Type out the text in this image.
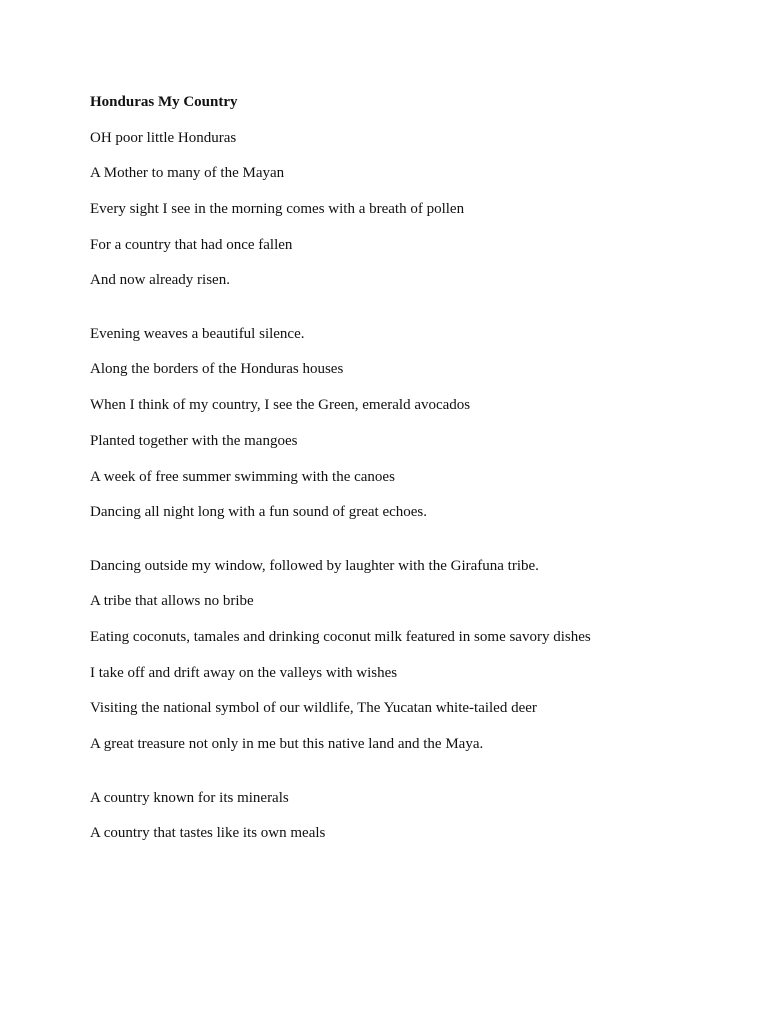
Honduras My Country

OH poor little Honduras

A Mother to many of the Mayan

Every sight I see in the morning comes with a breath of pollen

For a country that had once fallen

And now already risen.

Evening weaves a beautiful silence.

Along the borders of the Honduras houses

When I think of my country, I see the Green, emerald avocados

Planted together with the mangoes

A week of free summer swimming with the canoes

Dancing all night long with a fun sound of great echoes.

Dancing outside my window, followed by laughter with the Girafuna tribe.

A tribe that allows no bribe

Eating coconuts, tamales and drinking coconut milk featured in some savory dishes

I take off and drift away on the valleys with wishes

Visiting the national symbol of our wildlife, The Yucatan white-tailed deer

A great treasure not only in me but this native land and the Maya.

A country known for its minerals

A country that tastes like its own meals
